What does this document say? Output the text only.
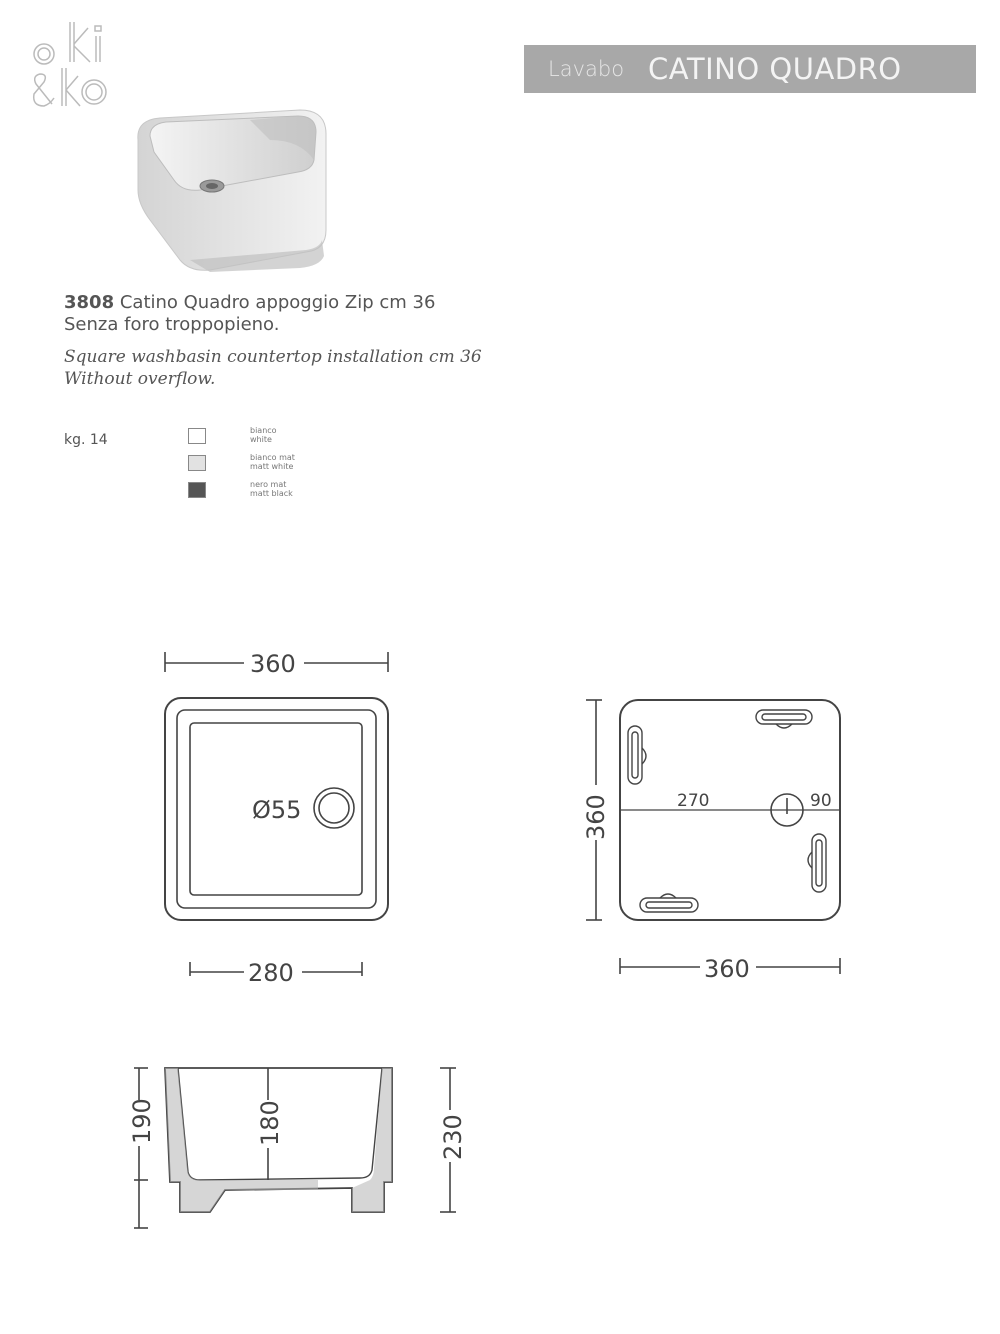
Lavabo CATINO QUADRO
3808 Catino Quadro appoggio Zip cm 36
Senza foro troppopieno.
Square washbasin countertop installation cm 36
Without overflow.
kg. 14
bianco
white
bianco mat
matt white
nero mat
matt black
360
Ø55
280	360
270	90
360
190	180	230
